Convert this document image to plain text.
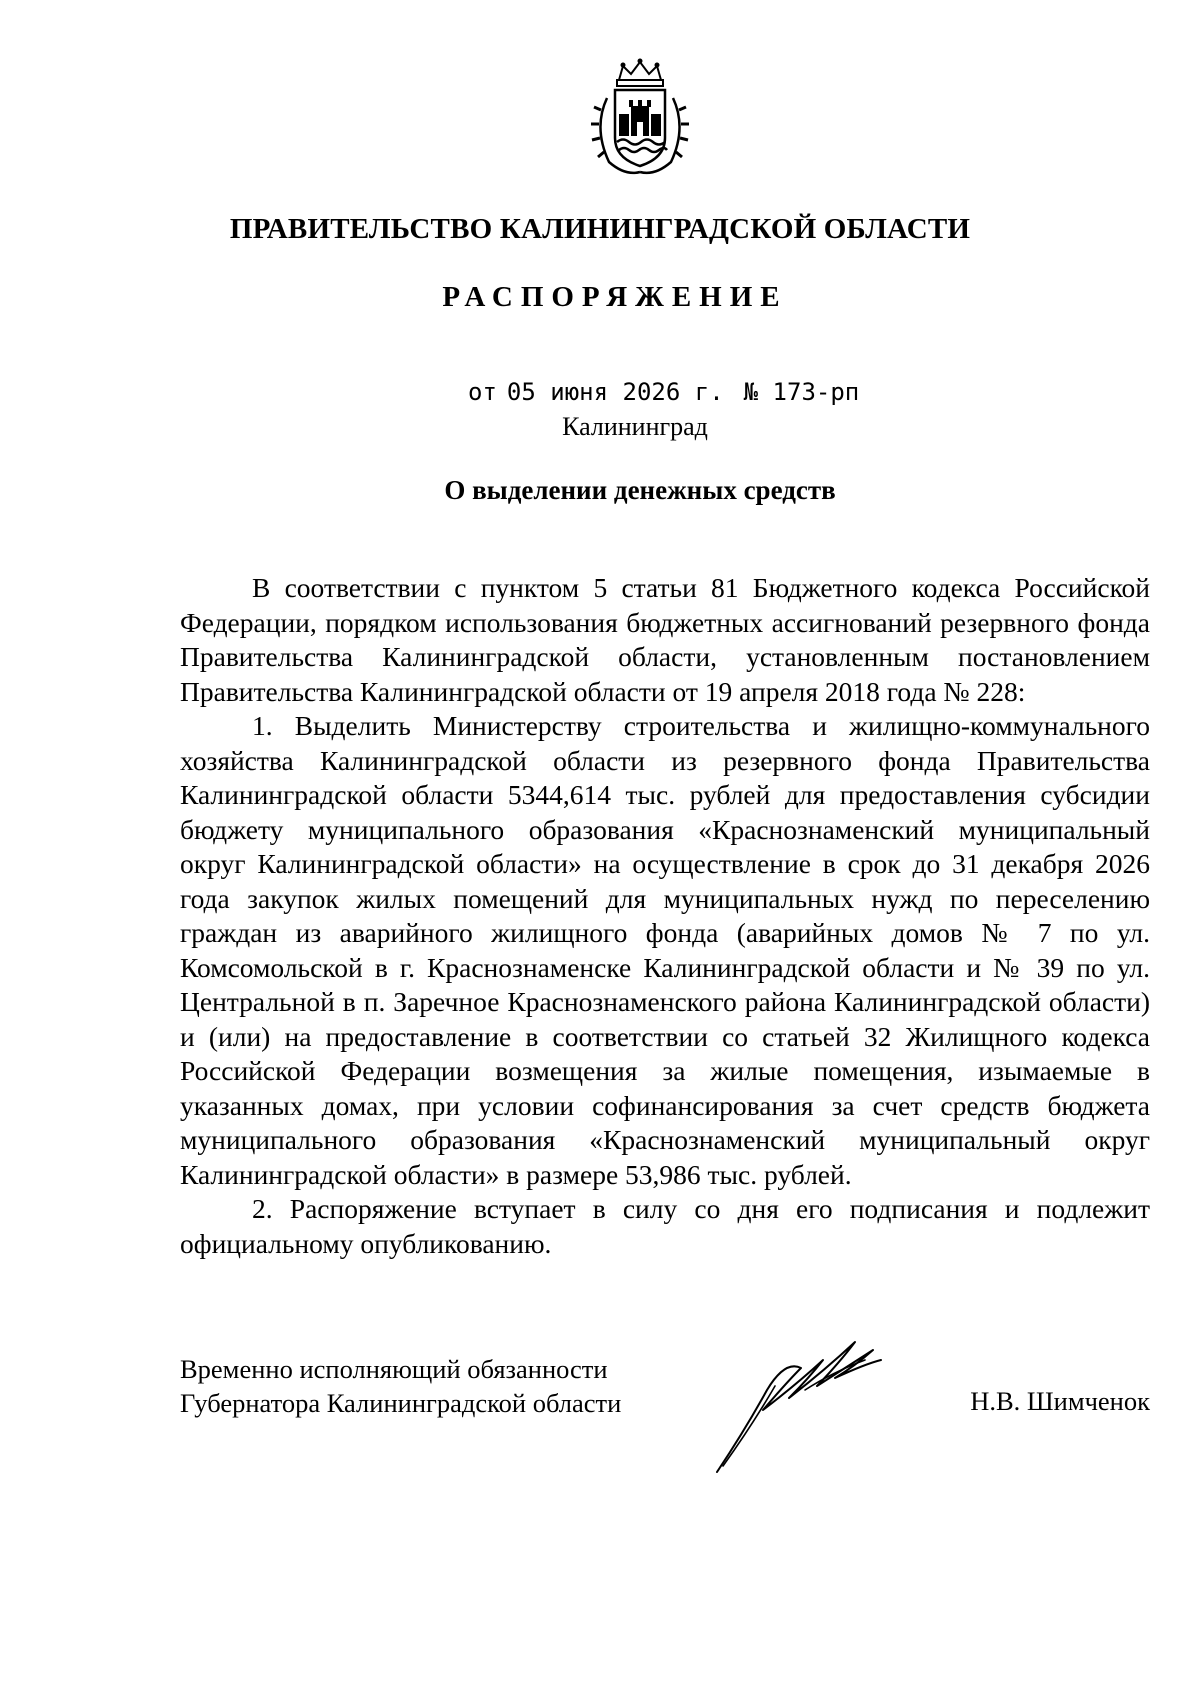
ПРАВИТЕЛЬСТВО КАЛИНИНГРАДСКОЙ ОБЛАСТИ
РАСПОРЯЖЕНИЕ
от 05 июня 2026 г. № 173-рп
Калининград
О выделении денежных средств

В соответствии с пунктом 5 статьи 81 Бюджетного кодекса Российской Федерации, порядком использования бюджетных ассигнований резервного фонда Правительства Калининградской области, установленным постановлением Правительства Калининградской области от 19 апреля 2018 года № 228:

1. Выделить Министерству строительства и жилищно-коммунального хозяйства Калининградской области из резервного фонда Правительства Калининградской области 5344,614 тыс. рублей для предоставления субсидии бюджету муниципального образования «Краснознаменский муниципальный округ Калининградской области» на осуществление в срок до 31 декабря 2026 года закупок жилых помещений для муниципальных нужд по переселению граждан из аварийного жилищного фонда (аварийных домов № 7 по ул. Комсомольской в г. Краснознаменске Калининградской области и № 39 по ул. Центральной в п. Заречное Краснознаменского района Калининградской области) и (или) на предоставление в соответствии со статьей 32 Жилищного кодекса Российской Федерации возмещения за жилые помещения, изымаемые в указанных домах, при условии софинансирования за счет средств бюджета муниципального образования «Краснознаменский муниципальный округ Калининградской области» в размере 53,986 тыс. рублей.

2. Распоряжение вступает в силу со дня его подписания и подлежит официальному опубликованию.

Временно исполняющий обязанности
Губернатора Калининградской области	Н.В. Шимченок
